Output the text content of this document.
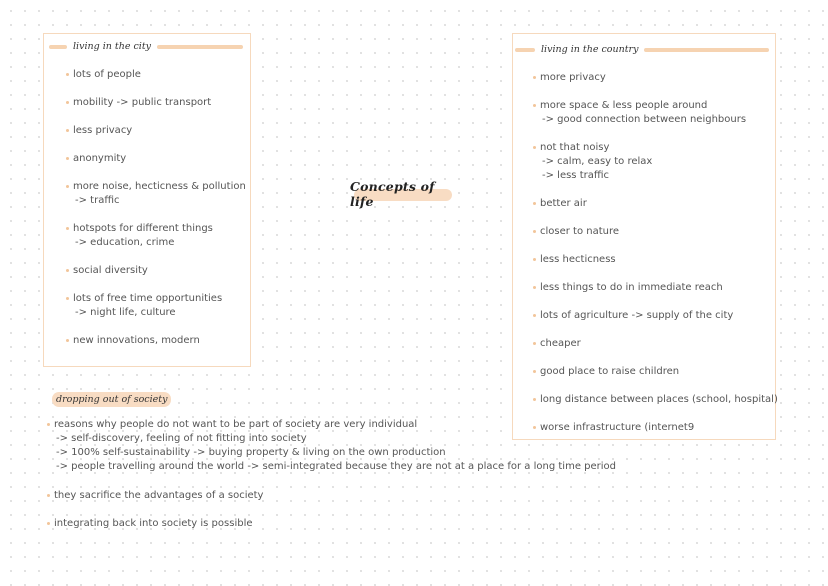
living in the city	living in the country
Concepts of life
dropping out of society
lots of people
mobility -> public transport
less privacy
anonymity
more noise, hecticness & pollution
-> traffic
hotspots for different things
-> education, crime
social diversity
lots of free time opportunities
-> night life, culture
new innovations, modern
more privacy
more space & less people around
-> good connection between neighbours
not that noisy
-> calm, easy to relax
-> less traffic
better air
closer to nature
less hecticness
less things to do in immediate reach
lots of agriculture -> supply of the city
cheaper
good place to raise children
long distance between places (school, hospital)
worse infrastructure (internet9
reasons why people do not want to be part of society are very individual
-> self-discovery, feeling of not fitting into society
-> 100% self-sustainability -> buying property & living on the own production
-> people travelling around the world -> semi-integrated because they are not at a place for a long time period
they sacrifice the advantages of a society
integrating back into society is possible
